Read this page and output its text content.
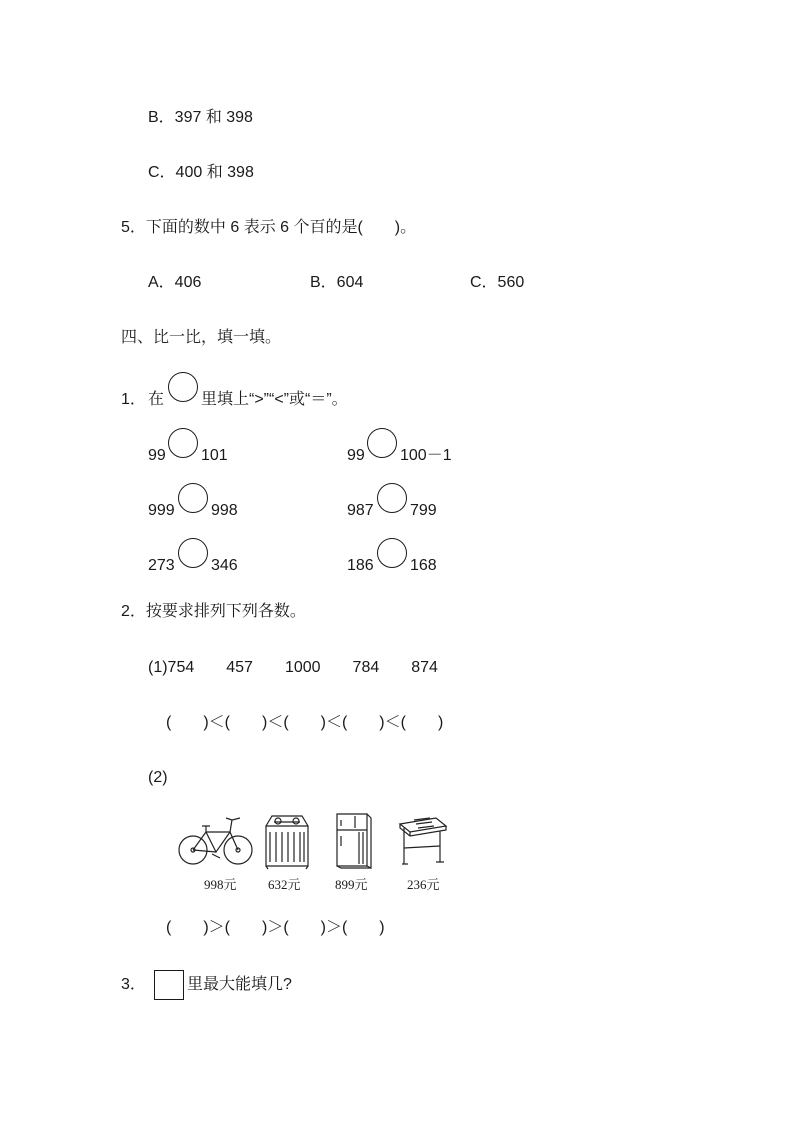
B．397 和 398
C．400 和 398
5．下面的数中 6 表示 6 个百的是(　　)。
A．406	B．604	C．560
四、比一比，填一填。
1． 在 里填上“>”“<”或“＝”。
99 101	99 100－1
999 998	987 799
273 346	186 168
2．按要求排列下列各数。
(1)754　　457　　1000　　784　　874
(　　)＜(　　)＜(　　)＜(　　)＜(　　)
(2)
998元 632元	899元	236元
(　　)＞(　　)＞(　　)＞(　　)
3．	里最大能填几?
